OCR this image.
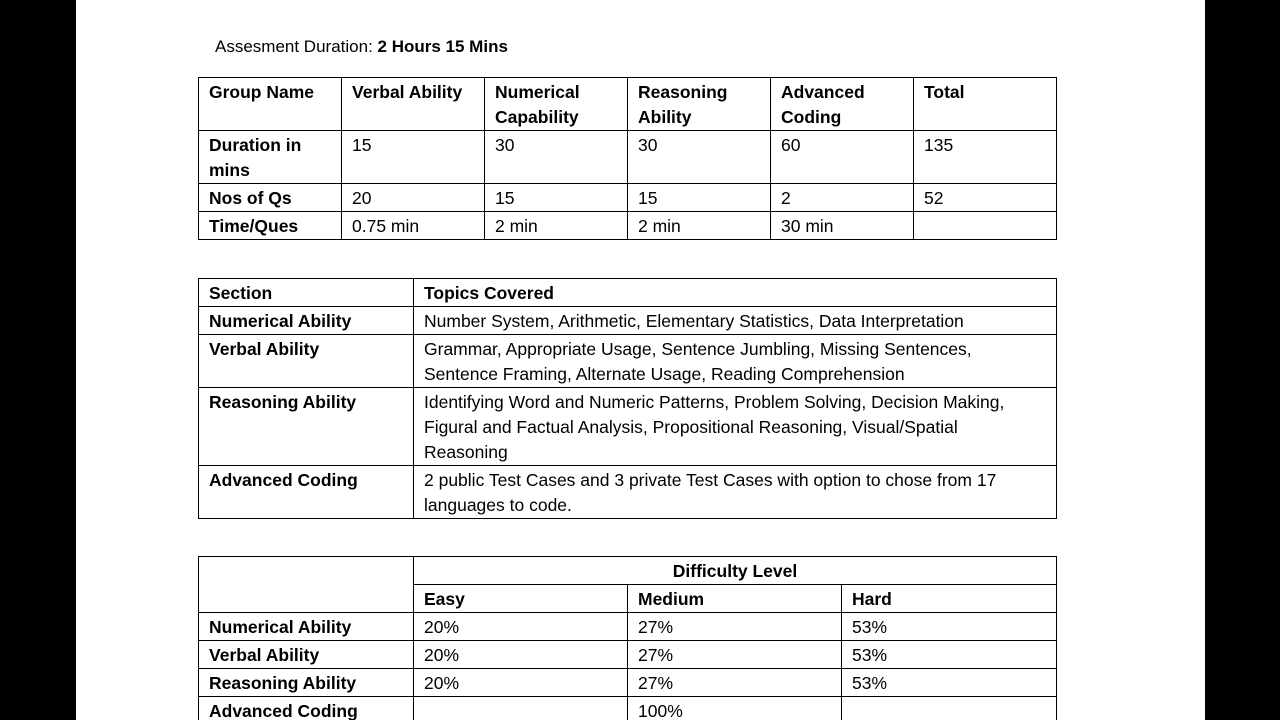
Assesment Duration: 2 Hours 15 Mins
Group Name	Verbal Ability	Numerical Capability	Reasoning Ability	Advanced Coding	Total
Duration in mins	15	30	30	60	135
Nos of Qs	20	15	15	2	52
Time/Ques	0.75 min	2 min	2 min	30 min	
Section	Topics Covered
Numerical Ability	Number System, Arithmetic, Elementary Statistics, Data Interpretation
Verbal Ability	Grammar, Appropriate Usage, Sentence Jumbling, Missing Sentences, Sentence Framing, Alternate Usage, Reading Comprehension
Reasoning Ability	Identifying Word and Numeric Patterns, Problem Solving, Decision Making, Figural and Factual Analysis, Propositional Reasoning, Visual/Spatial Reasoning
Advanced Coding	2 public Test Cases and 3 private Test Cases with option to chose from 17 languages to code.
	Difficulty Level		
	Easy	Medium	Hard
Numerical Ability	20%	27%	53%
Verbal Ability	20%	27%	53%
Reasoning Ability	20%	27%	53%
Advanced Coding		100%	
